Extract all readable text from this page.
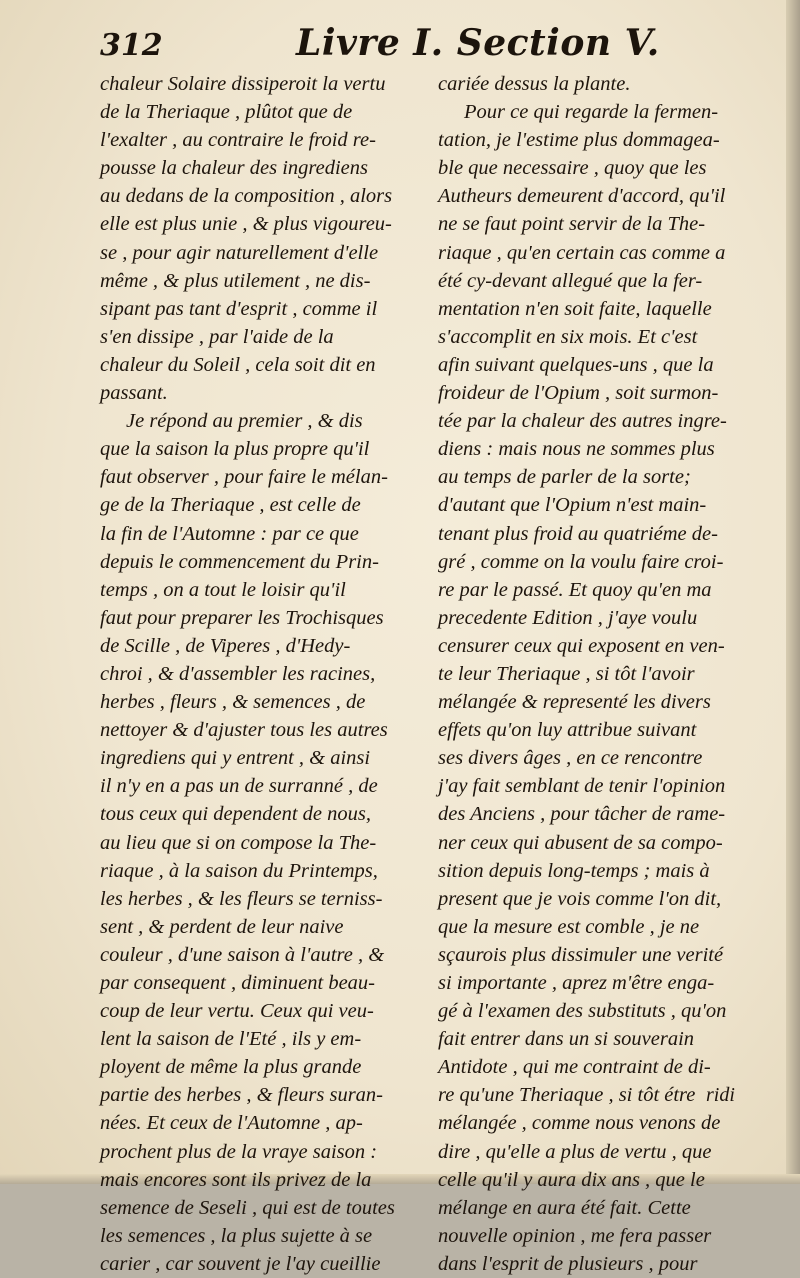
312	Livre I. Section V.
chaleur Solaire dissiperoit la vertu
de la Theriaque , plûtot que de
l'exalter , au contraire le froid re-
pousse la chaleur des ingrediens
au dedans de la composition , alors
elle est plus unie , & plus vigoureu-
se , pour agir naturellement d'elle
même , & plus utilement , ne dis-
sipant pas tant d'esprit , comme il
s'en dissipe , par l'aide de la
chaleur du Soleil , cela soit dit en
passant.
Je répond au premier , & dis
que la saison la plus propre qu'il
faut observer , pour faire le mélan-
ge de la Theriaque , est celle de
la fin de l'Automne : par ce que
depuis le commencement du Prin-
temps , on a tout le loisir qu'il
faut pour preparer les Trochisques
de Scille , de Viperes , d'Hedy-
chroi , & d'assembler les racines,
herbes , fleurs , & semences , de
nettoyer & d'ajuster tous les autres
ingrediens qui y entrent , & ainsi
il n'y en a pas un de surranné , de
tous ceux qui dependent de nous,
au lieu que si on compose la The-
riaque , à la saison du Printemps,
les herbes , & les fleurs se terniss-
sent , & perdent de leur naive
couleur , d'une saison à l'autre , &
par consequent , diminuent beau-
coup de leur vertu. Ceux qui veu-
lent la saison de l'Eté , ils y em-
ployent de même la plus grande
partie des herbes , & fleurs suran-
nées. Et ceux de l'Automne , ap-
prochent plus de la vraye saison :
mais encores sont ils privez de la
semence de Seseli , qui est de toutes
les semences , la plus sujette à se
carier , car souvent je l'ay cueillie
cariée dessus la plante.
Pour ce qui regarde la fermen-
tation, je l'estime plus dommagea-
ble que necessaire , quoy que les
Autheurs demeurent d'accord, qu'il
ne se faut point servir de la The-
riaque , qu'en certain cas comme a
été cy-devant allegué que la fer-
mentation n'en soit faite, laquelle
s'accomplit en six mois. Et c'est
afin suivant quelques-uns , que la
froideur de l'Opium , soit surmon-
tée par la chaleur des autres ingre-
diens : mais nous ne sommes plus
au temps de parler de la sorte;
d'autant que l'Opium n'est main-
tenant plus froid au quatriéme de-
gré , comme on la voulu faire croi-
re par le passé. Et quoy qu'en ma
precedente Edition , j'aye voulu
censurer ceux qui exposent en ven-
te leur Theriaque , si tôt l'avoir
mélangée & representé les divers
effets qu'on luy attribue suivant
ses divers âges , en ce rencontre
j'ay fait semblant de tenir l'opinion
des Anciens , pour tâcher de rame-
ner ceux qui abusent de sa compo-
sition depuis long-temps ; mais à
present que je vois comme l'on dit,
que la mesure est comble , je ne
sçaurois plus dissimuler une verité
si importante , aprez m'être enga-
gé à l'examen des substituts , qu'on
fait entrer dans un si souverain
Antidote , qui me contraint de di-
re qu'une Theriaque , si tôt étre
mélangée , comme nous venons de
dire , qu'elle a plus de vertu , que
celle qu'il y aura dix ans , que le
mélange en aura été fait. Cette
nouvelle opinion , me fera passer
dans l'esprit de plusieurs , pour
ridi
